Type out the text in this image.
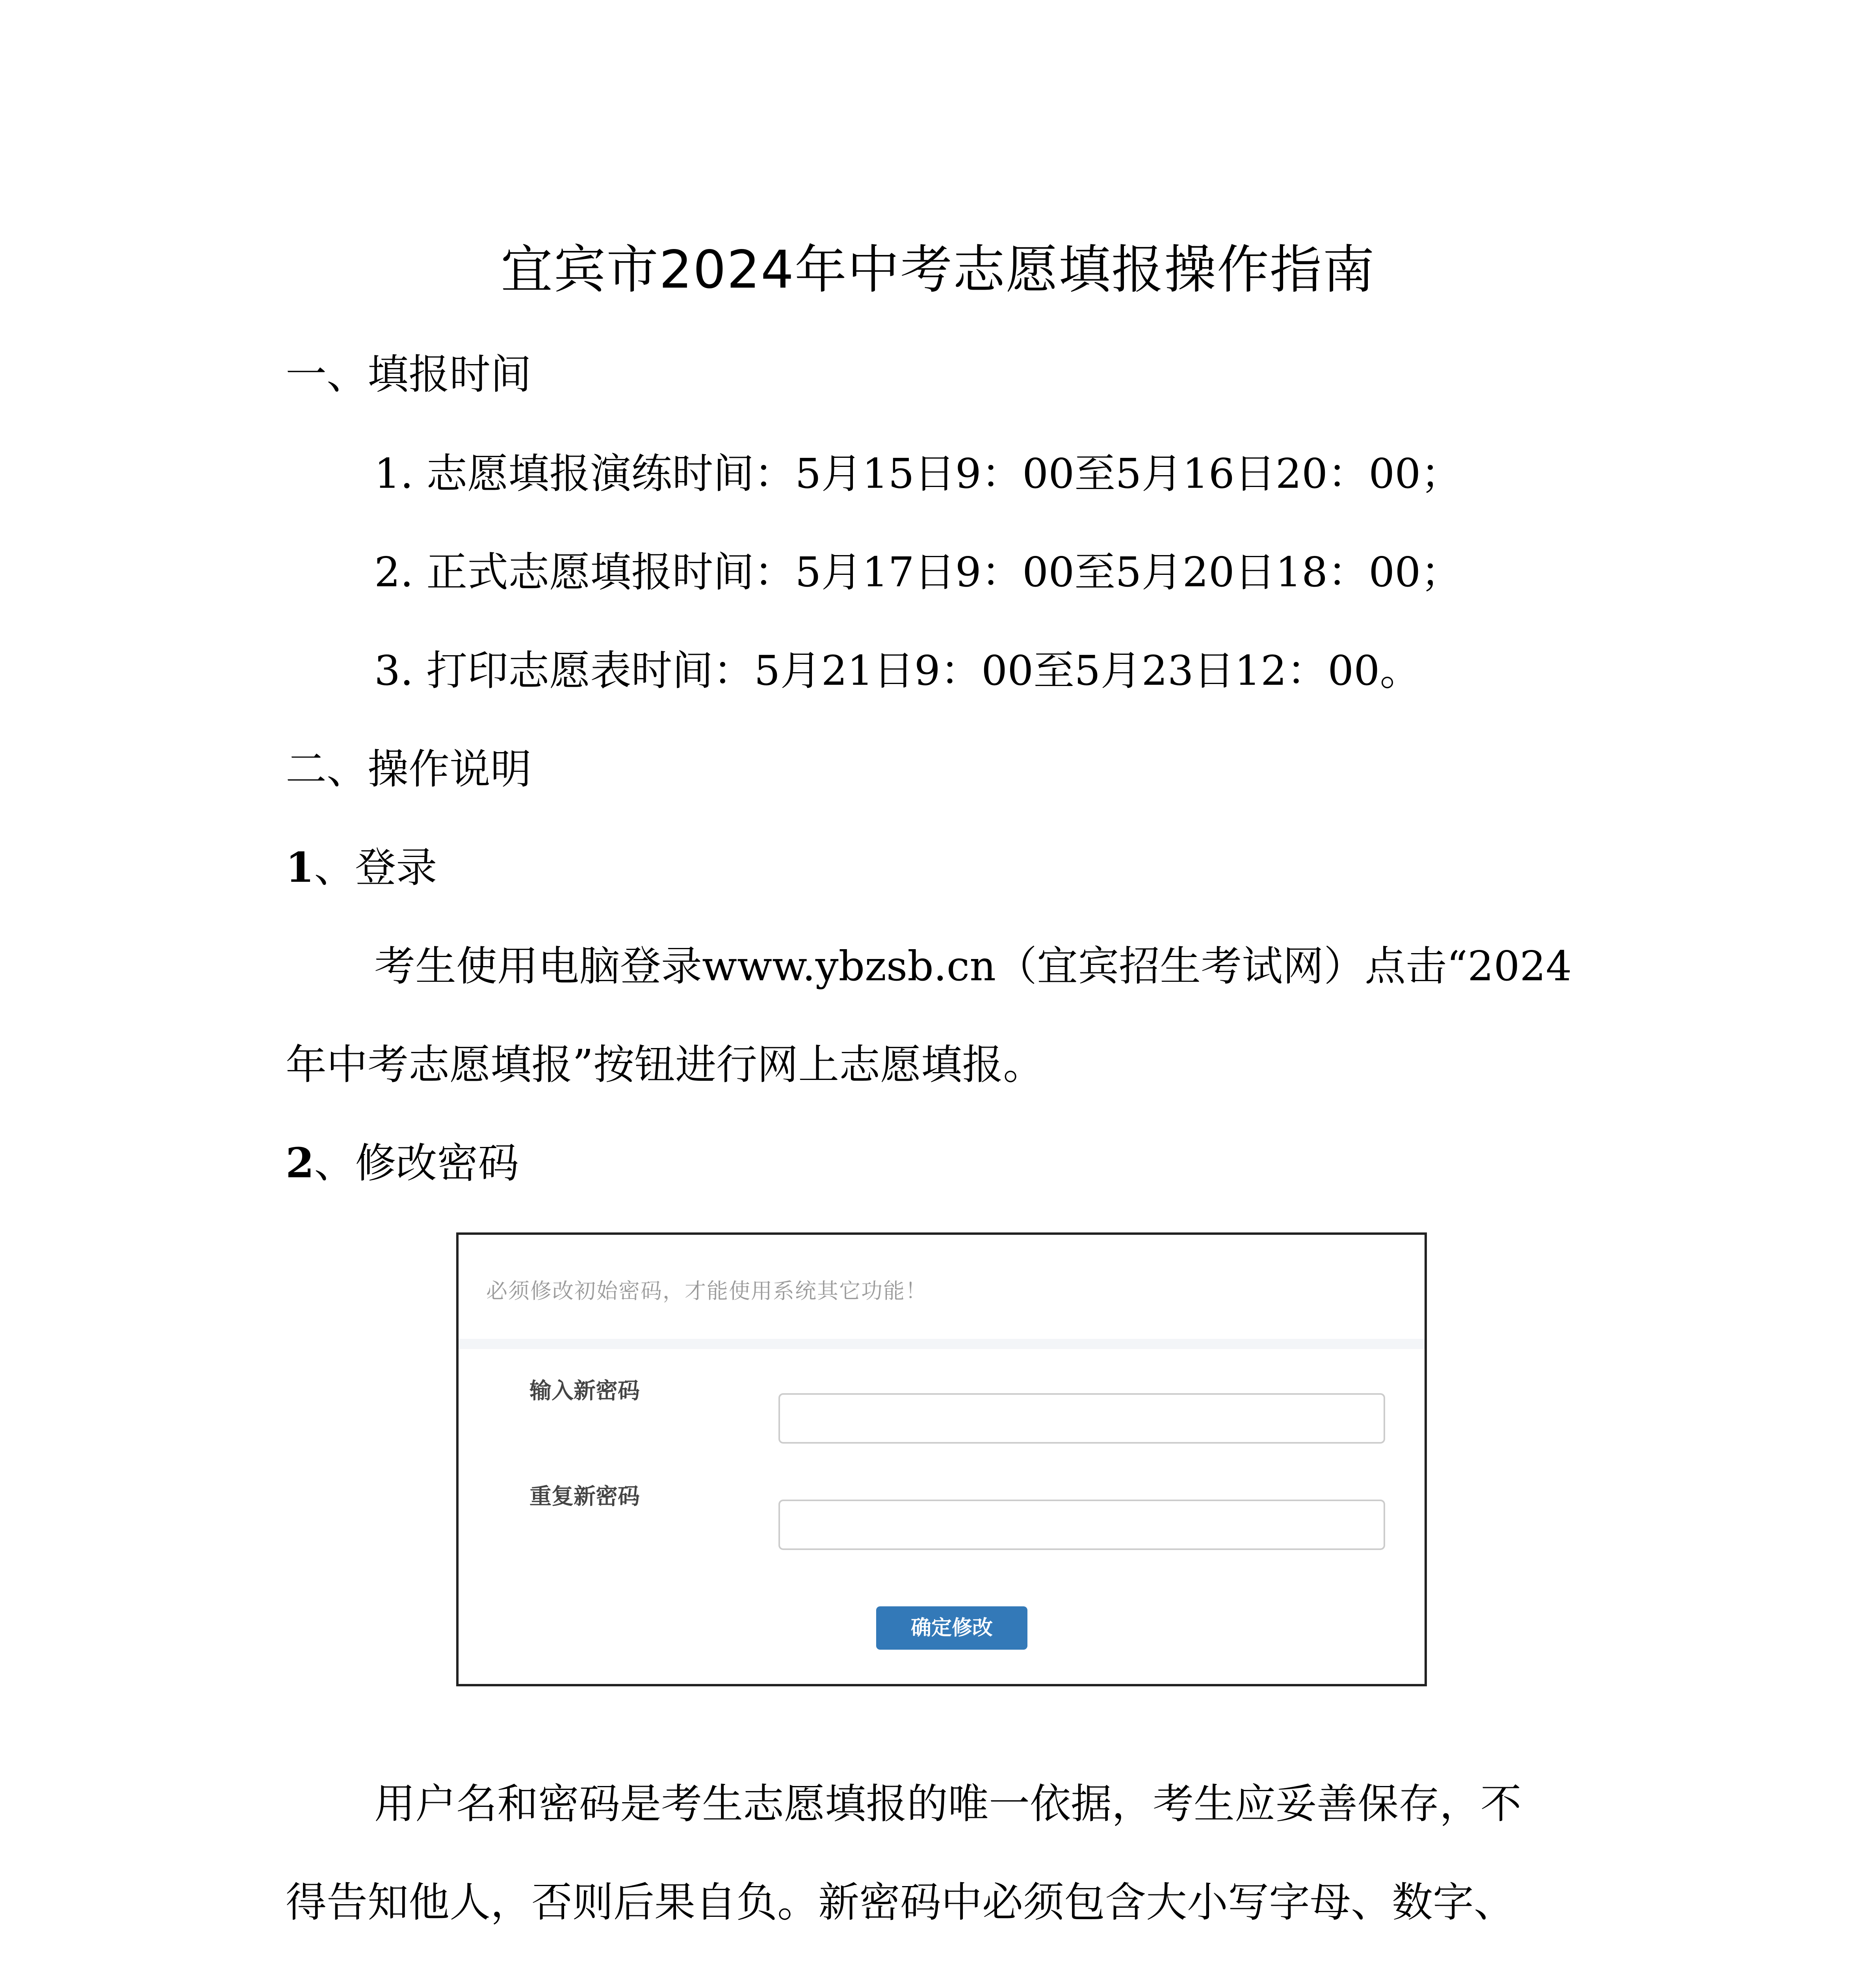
宜宾市2024年中考志愿填报操作指南
一、填报时间
1. 志愿填报演练时间：5月15日9：00至5月16日20：00；
2. 正式志愿填报时间：5月17日9：00至5月20日18：00；
3. 打印志愿表时间：5月21日9：00至5月23日12：00。
二、操作说明
1、登录
考生使用电脑登录www.ybzsb.cn（宜宾招生考试网）点击“2024
年中考志愿填报”按钮进行网上志愿填报。
2、修改密码
必须修改初始密码，才能使用系统其它功能！
输入新密码
重复新密码
确定修改
用户名和密码是考生志愿填报的唯一依据，考生应妥善保存，不
得告知他人，否则后果自负。新密码中必须包含大小写字母、数字、
